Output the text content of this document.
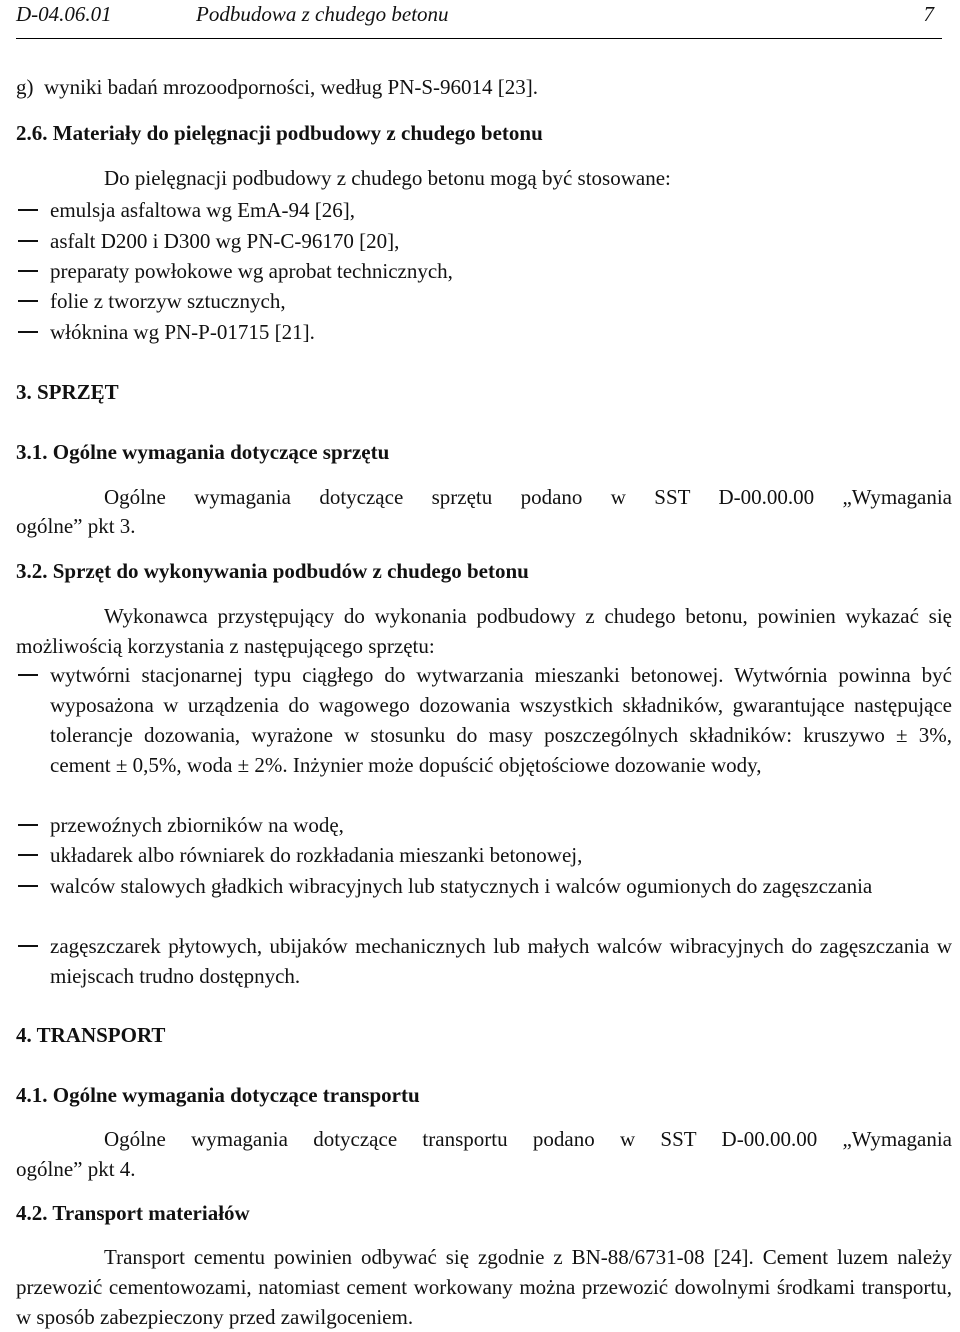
D-04.06.01	Podbudowa z chudego betonu	7
g)  wyniki badań mrozoodporności, według PN-S-96014 [23].
2.6. Materiały do pielęgnacji podbudowy z chudego betonu
Do pielęgnacji podbudowy z chudego betonu mogą być stosowane:
emulsja asfaltowa wg EmA-94 [26],
asfalt D200 i D300 wg PN-C-96170 [20],
preparaty powłokowe wg aprobat technicznych,
folie z tworzyw sztucznych,
włóknina wg PN-P-01715 [21].
3. SPRZĘT
3.1. Ogólne wymagania dotyczące sprzętu
Ogólne wymagania dotyczące sprzętu podano w SST D-00.00.00 „Wymagania
ogólne” pkt 3.
3.2. Sprzęt do wykonywania podbudów z chudego betonu
Wykonawca przystępujący do wykonania podbudowy z chudego betonu, powinien wykazać się możliwością korzystania z następującego sprzętu:
wytwórni stacjonarnej typu ciągłego do wytwarzania mieszanki betonowej. Wytwórnia powinna być wyposażona w urządzenia do wagowego dozowania wszystkich składników, gwarantujące następujące tolerancje dozowania, wyrażone w stosunku do masy poszczególnych składników: kruszywo ± 3%, cement ± 0,5%, woda ± 2%. Inżynier może dopuścić objętościowe dozowanie wody,
przewoźnych zbiorników na wodę,
układarek albo równiarek do rozkładania mieszanki betonowej,
walców stalowych gładkich wibracyjnych lub statycznych i walców ogumionych do zagęszczania
zagęszczarek płytowych, ubijaków mechanicznych lub małych walców wibracyjnych do zagęszczania w miejscach trudno dostępnych.
4. TRANSPORT
4.1. Ogólne wymagania dotyczące transportu
Ogólne wymagania dotyczące transportu podano w SST D-00.00.00 „Wymagania
ogólne” pkt 4.
4.2. Transport materiałów
Transport cementu powinien odbywać się zgodnie z BN-88/6731-08 [24]. Cement luzem należy przewozić cementowozami, natomiast cement workowany można przewozić dowolnymi środkami transportu, w sposób zabezpieczony przed zawilgoceniem.
